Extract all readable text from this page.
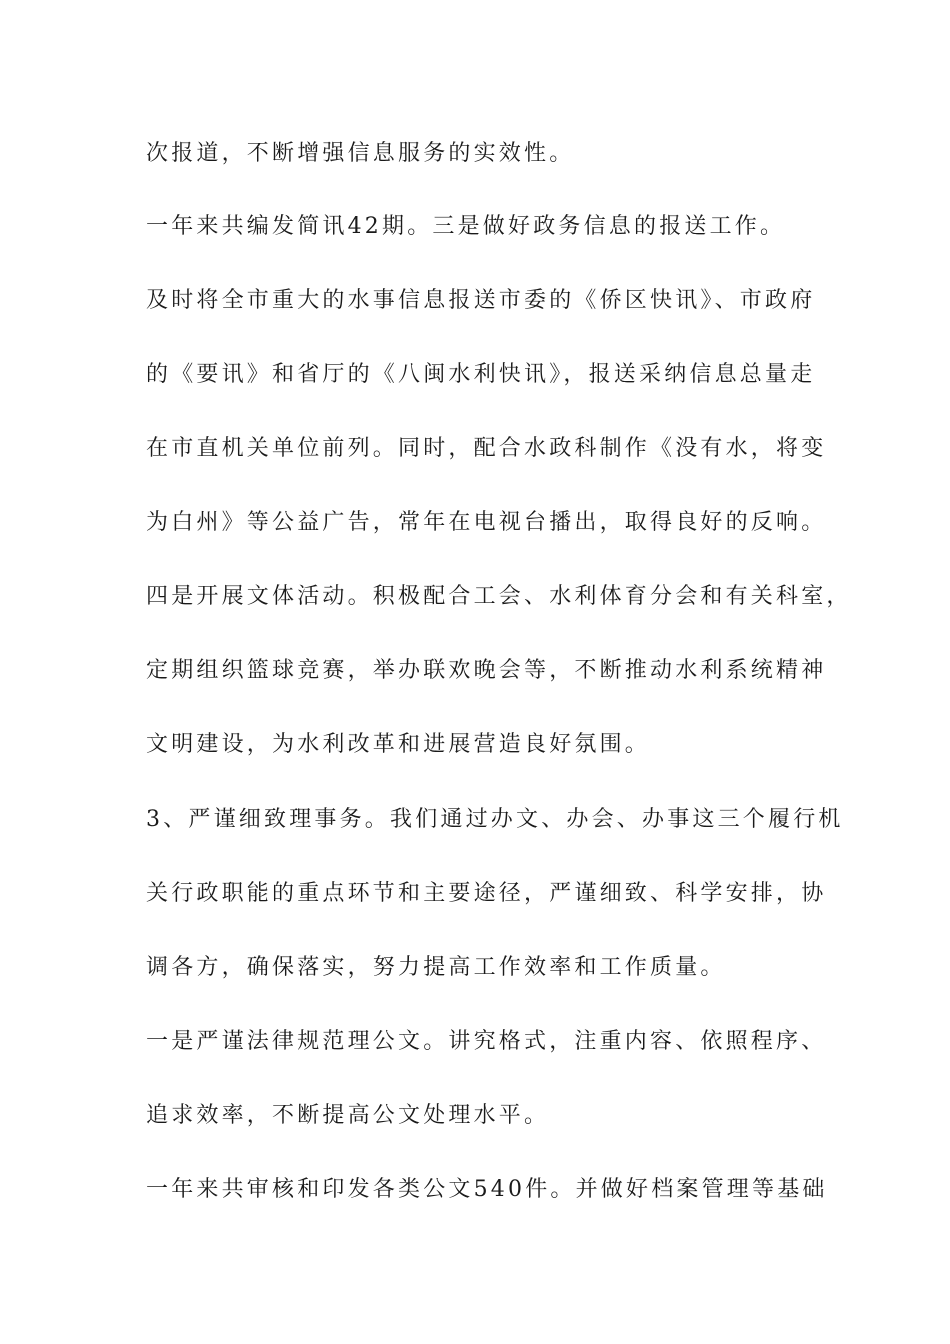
次报道，不断增强信息服务的实效性。
一年来共编发简讯42期。三是做好政务信息的报送工作。
及时将全市重大的水事信息报送市委的《侨区快讯》、市政府
的《要讯》和省厅的《八闽水利快讯》，报送采纳信息总量走
在市直机关单位前列。同时，配合水政科制作《没有水，将变
为白州》等公益广告，常年在电视台播出，取得良好的反响。
四是开展文体活动。积极配合工会、水利体育分会和有关科室，
定期组织篮球竞赛，举办联欢晚会等，不断推动水利系统精神
文明建设，为水利改革和进展营造良好氛围。
3、严谨细致理事务。我们通过办文、办会、办事这三个履行机
关行政职能的重点环节和主要途径，严谨细致、科学安排，协
调各方，确保落实，努力提高工作效率和工作质量。
一是严谨法律规范理公文。讲究格式，注重内容、依照程序、
追求效率，不断提高公文处理水平。
一年来共审核和印发各类公文540件。并做好档案管理等基础
